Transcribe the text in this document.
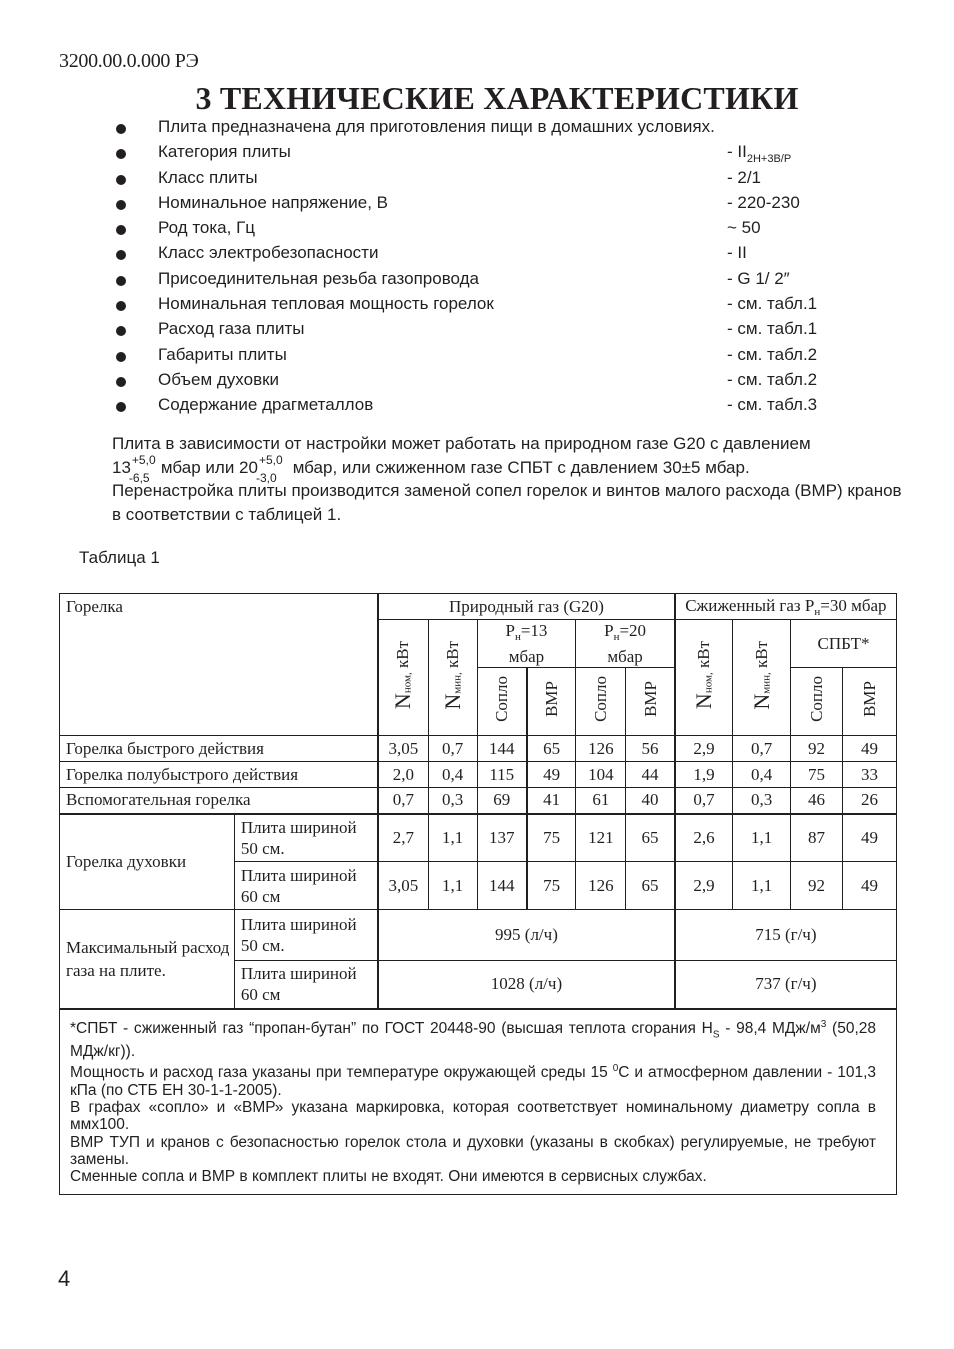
3200.00.0.000 РЭ
3 ТЕХНИЧЕСКИЕ ХАРАКТЕРИСТИКИ
Плита предназначена для приготовления пищи в домашних условиях.
Категория плиты	- $II_{2H+3B/P}$
Класс плиты	- 2/1
Номинальное напряжение, В	- 220-230
Род тока, Гц	~ 50
Класс электробезопасности	- II
Присоединительная резьба газопровода	- G 1/ 2″
Номинальная тепловая мощность горелок	- см. табл.1
Расход газа плиты	- см. табл.1
Габариты плиты	- см. табл.2
Объем духовки	- см. табл.2
Содержание драгметаллов	- см. табл.3
Плита в зависимости от настройки может работать на природном газе G20 с давлением
13 +5,0
-6,5
мбар или 20 +5,0
-3,0
мбар, или сжиженном газе СПБТ с давлением 30±5 мбар.
Перенастройка плиты производится заменой сопел горелок и винтов малого расхода (ВМР) кранов в соответствии с таблицей 1.
Таблица 1
Горелка		Природный газ (G20)						Сжиженный газ $P_н=30$ мбар			
		$N_{ном,}$ кВт	$N_{мин,}$ кВт	$P_н=13$
мбар		$P_н=20$
мбар		$N_{ном,}$ кВт	$N_{мин,}$ кВт	СПБТ*	
				Сопло	ВМР	Сопло	ВМР			Сопло	ВМР
Горелка быстрого действия		3,05	0,7	144	65	126	56	2,9	0,7	92	49
Горелка полубыстрого действия		2,0	0,4	115	49	104	44	1,9	0,4	75	33
Вспомогательная горелка		0,7	0,3	69	41	61	40	0,7	0,3	46	26
Горелка духовки	Плита шириной 50 см.	2,7	1,1	137	75	121	65	2,6	1,1	87	49
	Плита шириной 60 см	3,05	1,1	144	75	126	65	2,9	1,1	92	49
Максимальный расход газа на плите.	Плита шириной 50 см.	995 (л/ч)						715 (г/ч)			
	Плита шириной 60 см	1028 (л/ч)						737 (г/ч)			

*СПБТ - сжиженный газ “пропан-бутан” по ГОСТ 20448-90 (высшая теплота сгорания $H_S - 98,4$ МДж/$м^3$ (50,28 МДж/кг)).

Мощность и расход газа указаны при температуре окружающей среды 15 $^0$С и атмосферном давлении - 101,3 кПа (по СТБ ЕН 30-1-1-2005).

В графах «сопло» и «ВМР» указана маркировка, которая соответствует номинальному диаметру сопла в ммx100.

ВМР ТУП и кранов с безопасностью горелок стола и духовки (указаны в скобках) регулируемые, не требуют замены.

Сменные сопла и ВМР в комплект плиты не входят. Они имеются в сервисных службах.											

4
